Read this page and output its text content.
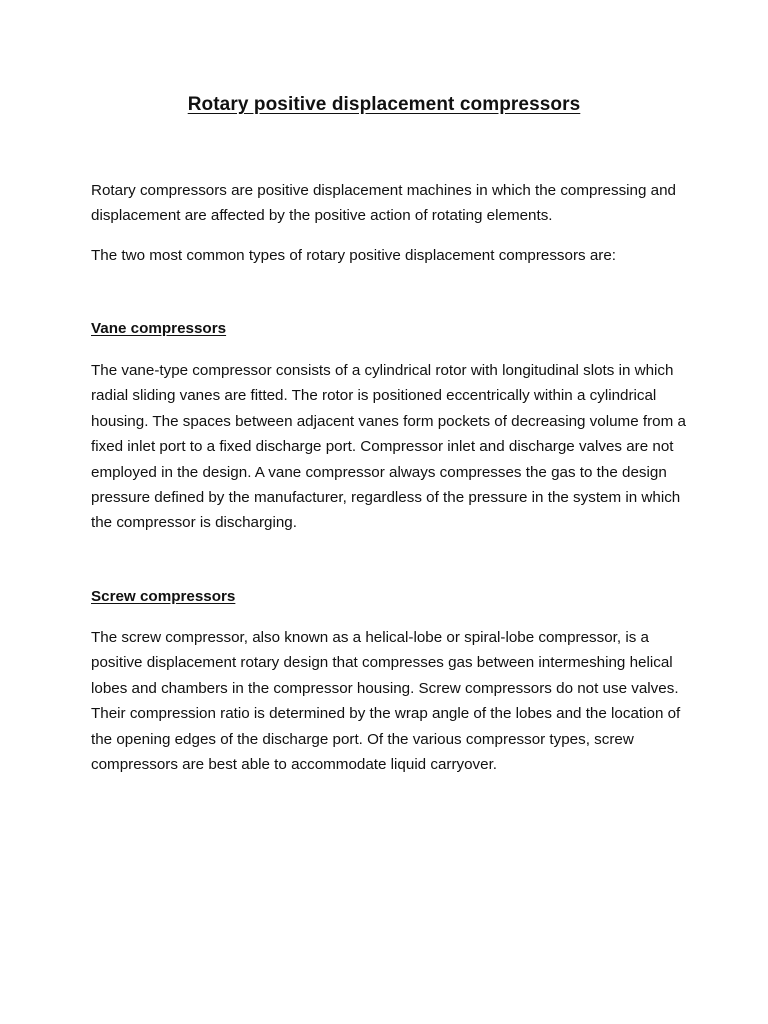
Rotary positive displacement compressors

Rotary compressors are positive displacement machines in which the compressing and displacement are affected by the positive action of rotating elements.

The two most common types of rotary positive displacement compressors are:

Vane compressors

The vane-type compressor consists of a cylindrical rotor with longitudinal slots in which radial sliding vanes are fitted. The rotor is positioned eccentrically within a cylindrical housing. The spaces between adjacent vanes form pockets of decreasing volume from a fixed inlet port to a fixed discharge port. Compressor inlet and discharge valves are not employed in the design. A vane compressor always compresses the gas to the design pressure defined by the manufacturer, regardless of the pressure in the system in which the compressor is discharging.

Screw compressors

The screw compressor, also known as a helical-lobe or spiral-lobe compressor, is a positive displacement rotary design that compresses gas between intermeshing helical lobes and chambers in the compressor housing. Screw compressors do not use valves. Their compression ratio is determined by the wrap angle of the lobes and the location of the opening edges of the discharge port. Of the various compressor types, screw compressors are best able to accommodate liquid carryover.
